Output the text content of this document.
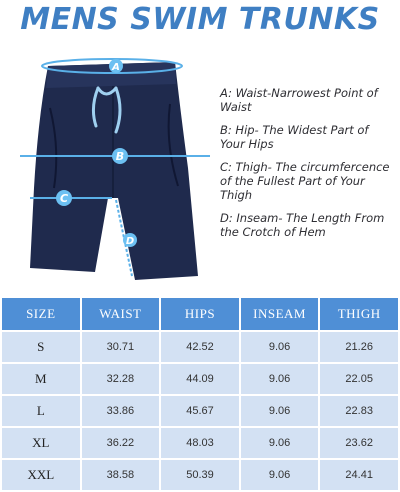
MENS SWIM TRUNKS
A
B
C
D
A: Waist-Narrowest Point of Waist
B: Hip- The Widest Part of Your Hips
C: Thigh- The circumfercence of the Fullest Part of Your Thigh
D: Inseam- The Length From the Crotch of Hem
SIZE	WAIST	HIPS	INSEAM	THIGH
S	30.71	42.52	9.06	21.26
M	32.28	44.09	9.06	22.05
L	33.86	45.67	9.06	22.83
XL	36.22	48.03	9.06	23.62
XXL	38.58	50.39	9.06	24.41
